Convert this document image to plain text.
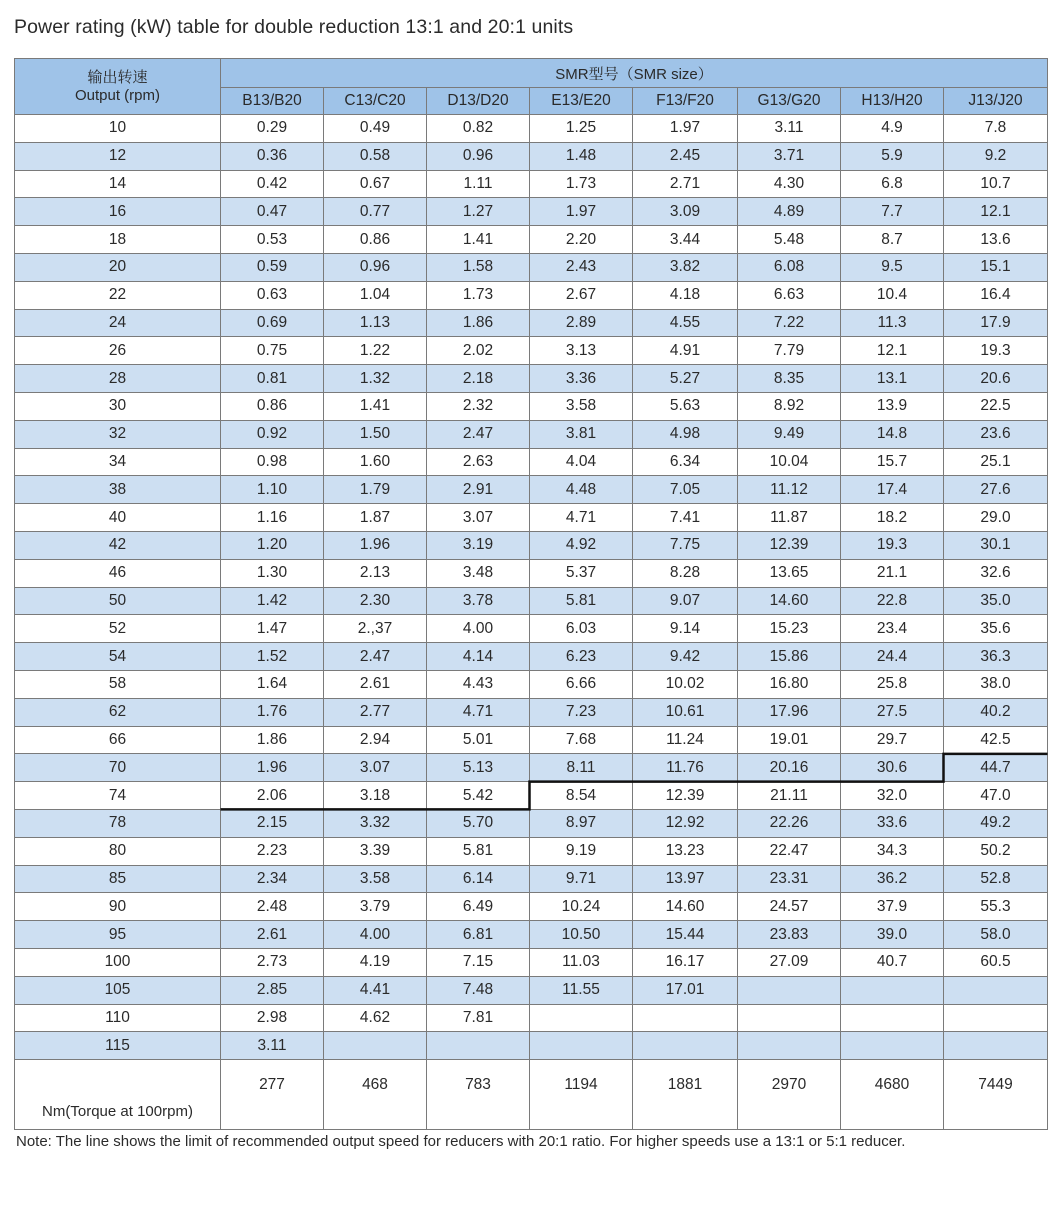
Power rating (kW) table for double reduction 13:1 and 20:1 units
输出转速
Output (rpm)	SMR型号（SMR size）							
	B13/B20	C13/C20	D13/D20	E13/E20	F13/F20	G13/G20	H13/H20	J13/J20
10	0.29	0.49	0.82	1.25	1.97	3.11	4.9	7.8
12	0.36	0.58	0.96	1.48	2.45	3.71	5.9	9.2
14	0.42	0.67	1.11	1.73	2.71	4.30	6.8	10.7
16	0.47	0.77	1.27	1.97	3.09	4.89	7.7	12.1
18	0.53	0.86	1.41	2.20	3.44	5.48	8.7	13.6
20	0.59	0.96	1.58	2.43	3.82	6.08	9.5	15.1
22	0.63	1.04	1.73	2.67	4.18	6.63	10.4	16.4
24	0.69	1.13	1.86	2.89	4.55	7.22	11.3	17.9
26	0.75	1.22	2.02	3.13	4.91	7.79	12.1	19.3
28	0.81	1.32	2.18	3.36	5.27	8.35	13.1	20.6
30	0.86	1.41	2.32	3.58	5.63	8.92	13.9	22.5
32	0.92	1.50	2.47	3.81	4.98	9.49	14.8	23.6
34	0.98	1.60	2.63	4.04	6.34	10.04	15.7	25.1
38	1.10	1.79	2.91	4.48	7.05	11.12	17.4	27.6
40	1.16	1.87	3.07	4.71	7.41	11.87	18.2	29.0
42	1.20	1.96	3.19	4.92	7.75	12.39	19.3	30.1
46	1.30	2.13	3.48	5.37	8.28	13.65	21.1	32.6
50	1.42	2.30	3.78	5.81	9.07	14.60	22.8	35.0
52	1.47	2.,37	4.00	6.03	9.14	15.23	23.4	35.6
54	1.52	2.47	4.14	6.23	9.42	15.86	24.4	36.3
58	1.64	2.61	4.43	6.66	10.02	16.80	25.8	38.0
62	1.76	2.77	4.71	7.23	10.61	17.96	27.5	40.2
66	1.86	2.94	5.01	7.68	11.24	19.01	29.7	42.5
70	1.96	3.07	5.13	8.11	11.76	20.16	30.6	44.7
74	2.06	3.18	5.42	8.54	12.39	21.11	32.0	47.0
78	2.15	3.32	5.70	8.97	12.92	22.26	33.6	49.2
80	2.23	3.39	5.81	9.19	13.23	22.47	34.3	50.2
85	2.34	3.58	6.14	9.71	13.97	23.31	36.2	52.8
90	2.48	3.79	6.49	10.24	14.60	24.57	37.9	55.3
95	2.61	4.00	6.81	10.50	15.44	23.83	39.0	58.0
100	2.73	4.19	7.15	11.03	16.17	27.09	40.7	60.5
105	2.85	4.41	7.48	11.55	17.01			
110	2.98	4.62	7.81					
115	3.11							
Nm(Torque at 100rpm)	277	468	783	1194	1881	2970	4680	7449
Note: The line shows the limit of recommended output speed for reducers with 20:1 ratio. For higher speeds use a 13:1 or 5:1 reducer.
